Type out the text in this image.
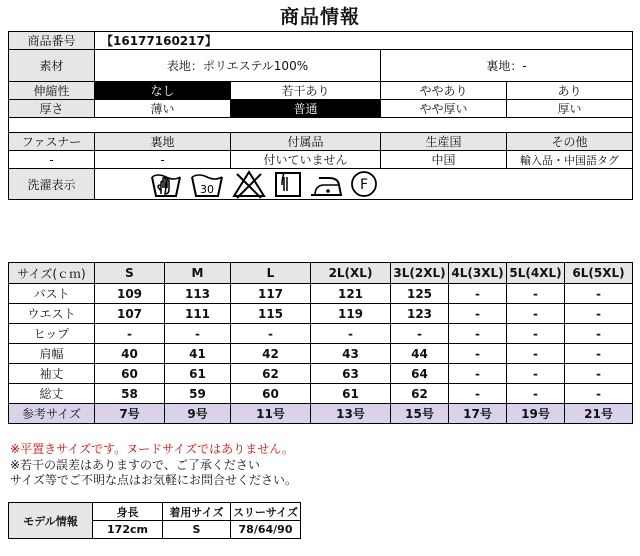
商品情報
商品番号	【16177160217】			
素材	表地：ポリエステル100%		裏地：-	
伸縮性	なし	若干あり	ややあり	あり
厚さ	薄い	普通	やや厚い	厚い

ファスナー	裏地	付属品	生産国	その他
-	-	付いていません	中国	輸入品・中国語タグ
洗濯表示	30 F			
サイズ(ｃｍ)	S	M	L	2L(XL)	3L(2XL)	4L(3XL)	5L(4XL)	6L(5XL)
バスト	109	113	117	121	125	-	-	-
ウエスト	107	111	115	119	123	-	-	-
ヒップ	-	-	-	-	-	-	-	-
肩幅	40	41	42	43	44	-	-	-
袖丈	60	61	62	63	64	-	-	-
総丈	58	59	60	61	62	-	-	-
参考サイズ	7号	9号	11号	13号	15号	17号	19号	21号
※平置きサイズです。ヌードサイズではありません。
※若干の誤差はありますので、ご了承ください
サイズ等でご不明な点はお気軽にお問合せください。
モデル情報	身長	着用サイズ	スリーサイズ
	172cm	S	78/64/90
